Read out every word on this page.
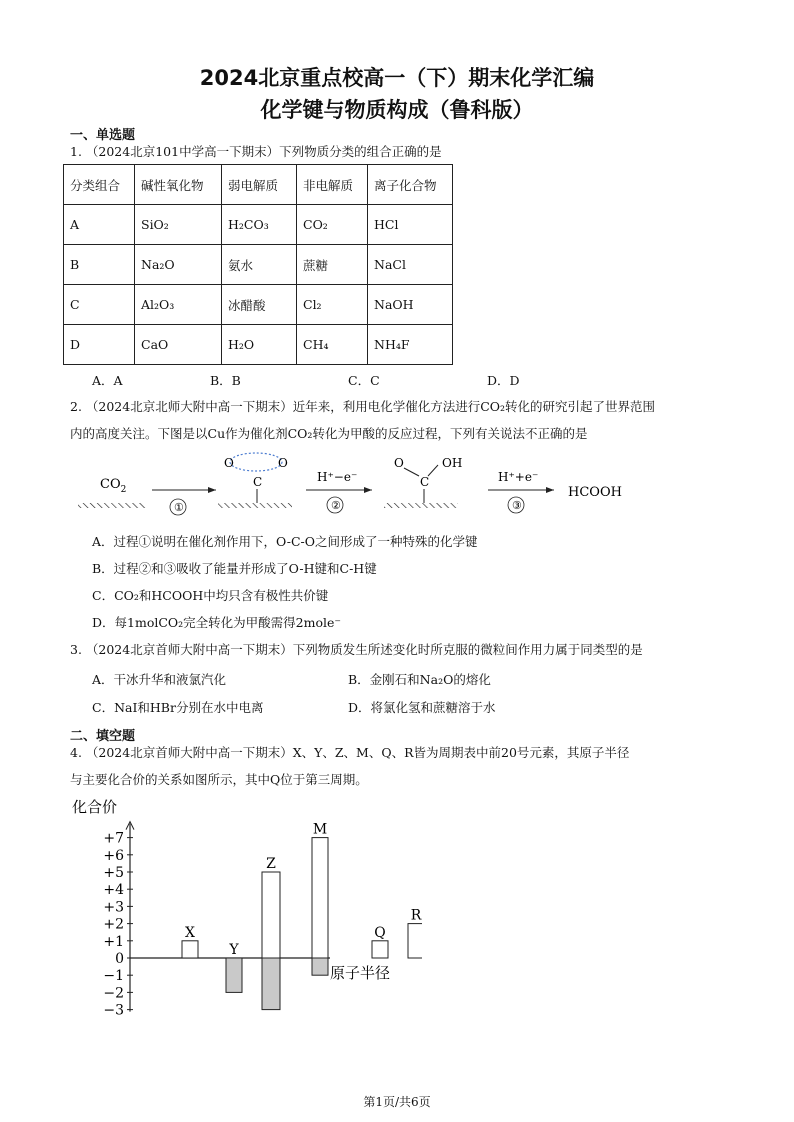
2024北京重点校高一（下）期末化学汇编
化学键与物质构成（鲁科版）
一、单选题
1. （2024北京101中学高一下期末）下列物质分类的组合正确的是
分类组合	碱性氧化物	弱电解质	非电解质	离子化合物
A	SiO₂	H₂CO₃	CO₂	HCl
B	Na₂O	氨水	蔗糖	NaCl
C	Al₂O₃	冰醋酸	Cl₂	NaOH
D	CaO	H₂O	CH₄	NH₄F
A．A	B．B	C．C	D．D
2. （2024北京北师大附中高一下期末）近年来，利用电化学催化方法进行CO₂转化的研究引起了世界范围
内的高度关注。下图是以Cu作为催化剂CO₂转化为甲酸的反应过程，下列有关说法不正确的是
$CO_2$
①
O	O
C	H⁺−e⁻
②
O	OH
C	H⁺+e⁻
③
HCOOH
A．过程①说明在催化剂作用下，O-C-O之间形成了一种特殊的化学键
B．过程②和③吸收了能量并形成了O-H键和C-H键
C．CO₂和HCOOH中均只含有极性共价键
D．每1molCO₂完全转化为甲酸需得2mole⁻
3. （2024北京首师大附中高一下期末）下列物质发生所述变化时所克服的微粒间作用力属于同类型的是
A．干冰升华和液氯汽化	B．金刚石和Na₂O的熔化
C．NaI和HBr分别在水中电离	D．将氯化氢和蔗糖溶于水
二、填空题
4. （2024北京首师大附中高一下期末）X、Y、Z、M、Q、R皆为周期表中前20号元素，其原子半径
与主要化合价的关系如图所示，其中Q位于第三周期。
化合价
+7
+6
+5
+4
+3
+2
+1
0
−1
−2
−3
X
Y
Z
M
Q
R
原子半径
第1页/共6页
